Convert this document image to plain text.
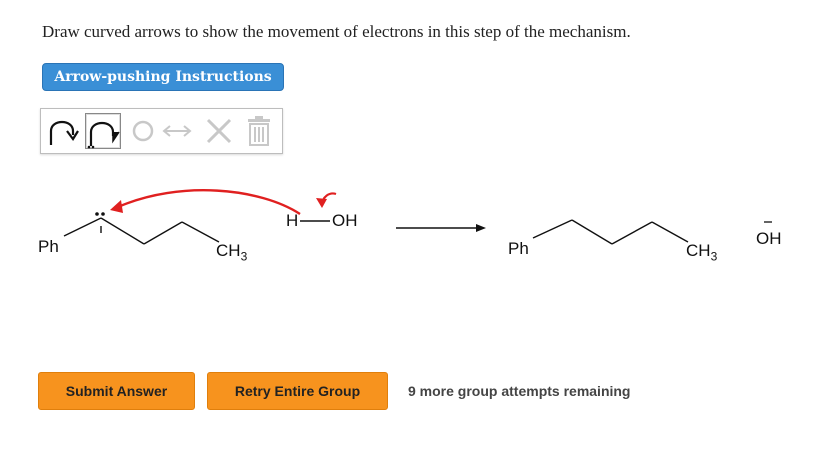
Draw curved arrows to show the movement of electrons in this step of the mechanism.
Arrow-pushing Instructions
Ph	$CH_3$
H OH
Ph	$CH_3$
OH
Submit Answer	Retry Entire Group	9 more group attempts remaining
